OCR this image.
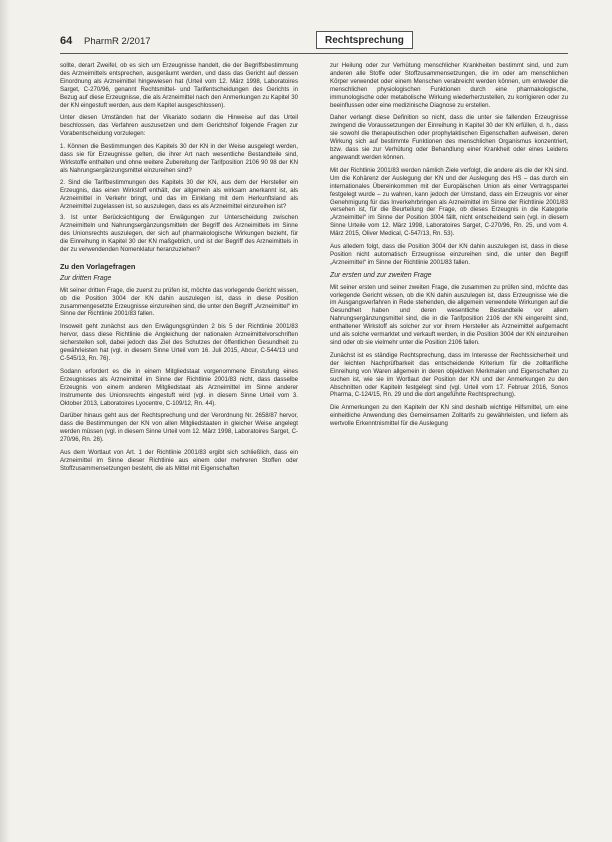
64 PharmR 2/2017	Rechtsprechung

sollte, derart Zweifel, ob es sich um Erzeugnisse handelt, die der Begriffsbestimmung des Arzneimittels entsprechen, ausgeräumt werden, und dass das Gericht auf dessen Einordnung als Arzneimittel hingewiesen hat (Urteil vom 12. März 1998, Laboratoires Sarget, C-270/96, genannt Rechtsmittel- und Tarifentscheidungen des Gerichts in Bezug auf diese Erzeugnisse, die als Arzneimittel nach den Anmerkungen zu Kapitel 30 der KN eingestuft werden, aus dem Kapitel ausgeschlossen).

Unter diesen Umständen hat der Vikariato sodann die Hinweise auf das Urteil beschlossen, das Verfahren auszusetzen und dem Gerichtshof folgende Fragen zur Vorabentscheidung vorzulegen:

1. Können die Bestimmungen des Kapitels 30 der KN in der Weise ausgelegt werden, dass sie für Erzeugnisse gelten, die ihrer Art nach wesentliche Bestandteile sind, Wirkstoffe enthalten und ohne weitere Zubereitung der Tarifposition 2106 90 98 der KN als Nahrungsergänzungsmittel einzureihen sind?

2. Sind die Tarifbestimmungen des Kapitels 30 der KN, aus dem der Hersteller ein Erzeugnis, das einen Wirkstoff enthält, der allgemein als wirksam anerkannt ist, als Arzneimittel in Verkehr bringt, und das im Einklang mit dem Herkunftsland als Arzneimittel zugelassen ist, so auszulegen, dass es als Arzneimittel einzureihen ist?

3. Ist unter Berücksichtigung der Erwägungen zur Unterscheidung zwischen Arzneimitteln und Nahrungsergänzungsmitteln der Begriff des Arzneimittels im Sinne des Unionsrechts auszulegen, der sich auf pharmakologische Wirkungen bezieht, für die Einreihung in Kapitel 30 der KN maßgeblich, und ist der Begriff des Arzneimittels in der zu verwendenden Nomenklatur heranzuziehen?

Zu den Vorlagefragen
Zur dritten Frage

Mit seiner dritten Frage, die zuerst zu prüfen ist, möchte das vorlegende Gericht wissen, ob die Position 3004 der KN dahin auszulegen ist, dass in diese Position zusammengesetzte Erzeugnisse einzureihen sind, die unter den Begriff „Arzneimittel“ im Sinne der Richtlinie 2001/83 fallen.

Insoweit geht zunächst aus den Erwägungsgründen 2 bis 5 der Richtlinie 2001/83 hervor, dass diese Richtlinie die Angleichung der nationalen Arzneimittelvorschriften sicherstellen soll, dabei jedoch das Ziel des Schutzes der öffentlichen Gesundheit zu gewährleisten hat (vgl. in diesem Sinne Urteil vom 16. Juli 2015, Abcur, C-544/13 und C-545/13, Rn. 76).

Sodann erfordert es die in einem Mitgliedstaat vorgenommene Einstufung eines Erzeugnisses als Arzneimittel im Sinne der Richtlinie 2001/83 nicht, dass dasselbe Erzeugnis von einem anderen Mitgliedstaat als Arzneimittel im Sinne anderer Instrumente des Unionsrechts eingestuft wird (vgl. in diesem Sinne Urteil vom 3. Oktober 2013, Laboratoires Lyocentre, C-109/12, Rn. 44).

Darüber hinaus geht aus der Rechtsprechung und der Verordnung Nr. 2658/87 hervor, dass die Bestimmungen der KN von allen Mitgliedstaaten in gleicher Weise angelegt werden müssen (vgl. in diesem Sinne Urteil vom 12. März 1998, Laboratoires Sarget, C-270/96, Rn. 26).

Aus dem Wortlaut von Art. 1 der Richtlinie 2001/83 ergibt sich schließlich, dass ein Arzneimittel im Sinne dieser Richtlinie aus einem oder mehreren Stoffen oder Stoffzusammensetzungen besteht, die als Mittel mit Eigenschaften

zur Heilung oder zur Verhütung menschlicher Krankheiten bestimmt sind, und zum anderen alle Stoffe oder Stoffzusammensetzungen, die im oder am menschlichen Körper verwendet oder einem Menschen verabreicht werden können, um entweder die menschlichen physiologischen Funktionen durch eine pharmakologische, immunologische oder metabolische Wirkung wiederherzustellen, zu korrigieren oder zu beeinflussen oder eine medizinische Diagnose zu erstellen.

Daher verlangt diese Definition so nicht, dass die unter sie fallenden Erzeugnisse zwingend die Voraussetzungen der Einreihung in Kapitel 30 der KN erfüllen, d. h., dass sie sowohl die therapeutischen oder prophylaktischen Eigenschaften aufweisen, deren Wirkung sich auf bestimmte Funktionen des menschlichen Organismus konzentriert, bzw. dass sie zur Verhütung oder Behandlung einer Krankheit oder eines Leidens angewandt werden können.

Mit der Richtlinie 2001/83 werden nämlich Ziele verfolgt, die andere als die der KN sind. Um die Kohärenz der Auslegung der KN und der Auslegung des HS – das durch ein internationales Übereinkommen mit der Europäischen Union als einer Vertragspartei festgelegt wurde – zu wahren, kann jedoch der Umstand, dass ein Erzeugnis vor einer Genehmigung für das Inverkehrbringen als Arzneimittel im Sinne der Richtlinie 2001/83 versehen ist, für die Beurteilung der Frage, ob dieses Erzeugnis in die Kategorie „Arzneimittel“ im Sinne der Position 3004 fällt, nicht entscheidend sein (vgl. in diesem Sinne Urteile vom 12. März 1998, Laboratoires Sarget, C-270/96, Rn. 25, und vom 4. März 2015, Oliver Medical, C-547/13, Rn. 53).

Aus alledem folgt, dass die Position 3004 der KN dahin auszulegen ist, dass in diese Position nicht automatisch Erzeugnisse einzureihen sind, die unter den Begriff „Arzneimittel“ im Sinne der Richtlinie 2001/83 fallen.

Zur ersten und zur zweiten Frage

Mit seiner ersten und seiner zweiten Frage, die zusammen zu prüfen sind, möchte das vorlegende Gericht wissen, ob die KN dahin auszulegen ist, dass Erzeugnisse wie die im Ausgangsverfahren in Rede stehenden, die allgemein verwendete Wirkungen auf die Gesundheit haben und deren wesentliche Bestandteile vor allem Nahrungsergänzungsmittel sind, die in die Tarifposition 2106 der KN eingereiht sind, enthaltener Wirkstoff als solcher zur vor ihrem Hersteller als Arzneimittel aufgemacht und als solche vermarktet und verkauft werden, in die Position 3004 der KN einzureihen sind oder ob sie vielmehr unter die Position 2106 fallen.

Zunächst ist es ständige Rechtsprechung, dass im Interesse der Rechtssicherheit und der leichten Nachprüfbarkeit das entscheidende Kriterium für die zolltarifliche Einreihung von Waren allgemein in deren objektiven Merkmalen und Eigenschaften zu suchen ist, wie sie im Wortlaut der Position der KN und der Anmerkungen zu den Abschnitten oder Kapiteln festgelegt sind (vgl. Urteil vom 17. Februar 2016, Sonos Pharma, C-124/15, Rn. 29 und die dort angeführte Rechtsprechung).

Die Anmerkungen zu den Kapiteln der KN sind deshalb wichtige Hilfsmittel, um eine einheitliche Anwendung des Gemeinsamen Zolltarifs zu gewährleisten, und liefern als wertvolle Erkenntnismittel für die Auslegung
